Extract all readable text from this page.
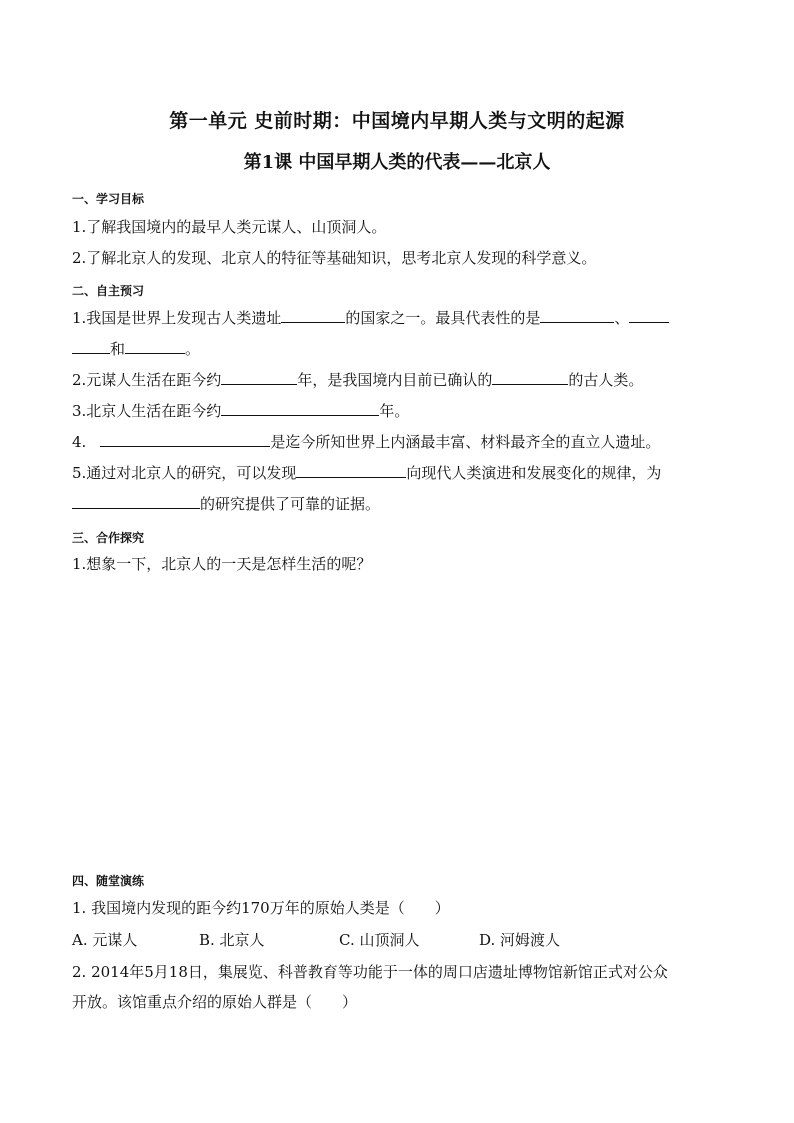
第一单元 史前时期：中国境内早期人类与文明的起源
第1课 中国早期人类的代表——北京人
一、学习目标
1.了解我国境内的最早人类元谋人、山顶洞人。
2.了解北京人的发现、北京人的特征等基础知识，思考北京人发现的科学意义。
二、自主预习
1.我国是世界上发现古人类遗址	的国家之一。最具代表性的是	、
和	。
2.元谋人生活在距今约	年，是我国境内目前已确认的	的古人类。
3.北京人生活在距今约	年。
4.	是迄今所知世界上内涵最丰富、材料最齐全的直立人遗址。
5.通过对北京人的研究，可以发现	向现代人类演进和发展变化的规律，为
的研究提供了可靠的证据。
三、合作探究
1.想象一下，北京人的一天是怎样生活的呢？
四、随堂演练
1. 我国境内发现的距今约170万年的原始人类是（　　）
A. 元谋人	B. 北京人	C. 山顶洞人	D. 河姆渡人
2. 2014年5月18日，集展览、科普教育等功能于一体的周口店遗址博物馆新馆正式对公众
开放。该馆重点介绍的原始人群是（　　）
